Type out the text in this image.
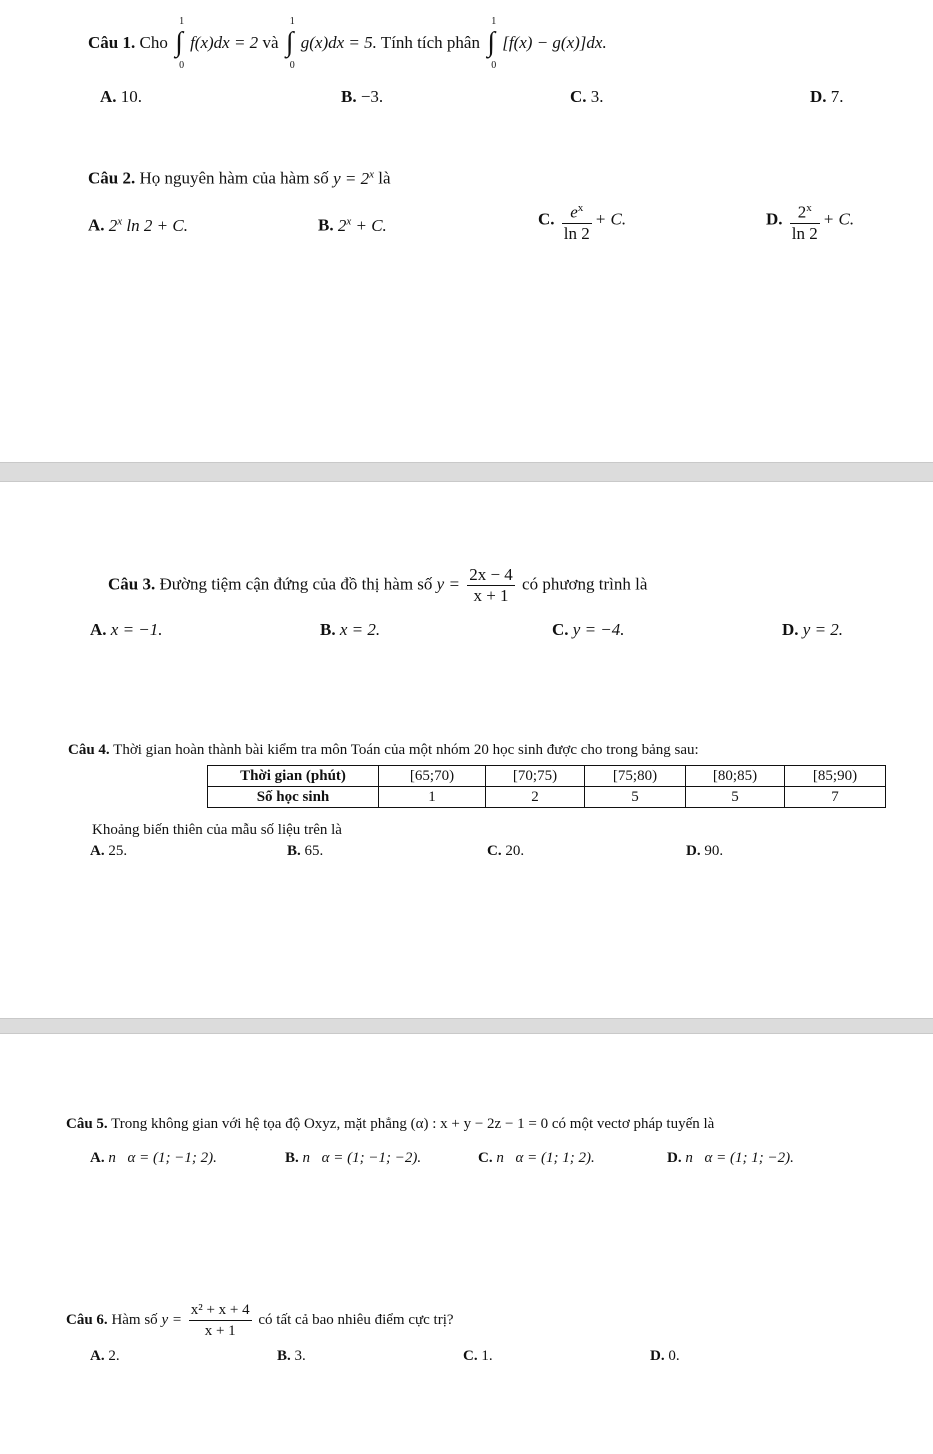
Câu 1. Cho ∫
1
0
f(x)dx = 2 và ∫
1
0
g(x)dx = 5. Tính tích phân ∫
1
0
[f(x) − g(x)]dx.
A. 10.	B. −3.	C. 3.	D. 7.
Câu 2. Họ nguyên hàm của hàm số $y = 2^x$ là
A. 2$^x$ ln 2 + C.	B. $2^x + C$.	C. $\frac{e^x}{\ln 2} + C$.	D. $\frac{2^x}{\ln 2} + C$.
Câu 3. Đường tiệm cận đứng của đồ thị hàm số $y = \frac{2x - 4}{x + 1}$ có phương trình là
A. x = −1.	B. x = 2.	C. y = −4.	D. y = 2.
Câu 4. Thời gian hoàn thành bài kiểm tra môn Toán của một nhóm 20 học sinh được cho trong bảng sau:
Thời gian (phút)	[65;70)	[70;75)	[75;80)	[80;85)	[85;90)
Số học sinh	1	2	5	5	7
Khoảng biến thiên của mẫu số liệu trên là
A. 25.	B. 65.	C. 20.	D. 90.
Câu 5. Trong không gian với hệ tọa độ Oxyz, mặt phẳng (α) : x + y − 2z − 1 = 0 có một vectơ pháp tuyến là
A. n⃗α = (1; −1; 2).	B. n⃗α = (1; −1; −2).	C. n⃗α = (1; 1; 2).	D. n⃗α = (1; 1; −2).
Câu 6. Hàm số $y = \frac{\text{x² + x + 4}}{x + 1}$ có tất cả bao nhiêu điểm cực trị?
A. 2.	B. 3.	C. 1.	D. 0.
